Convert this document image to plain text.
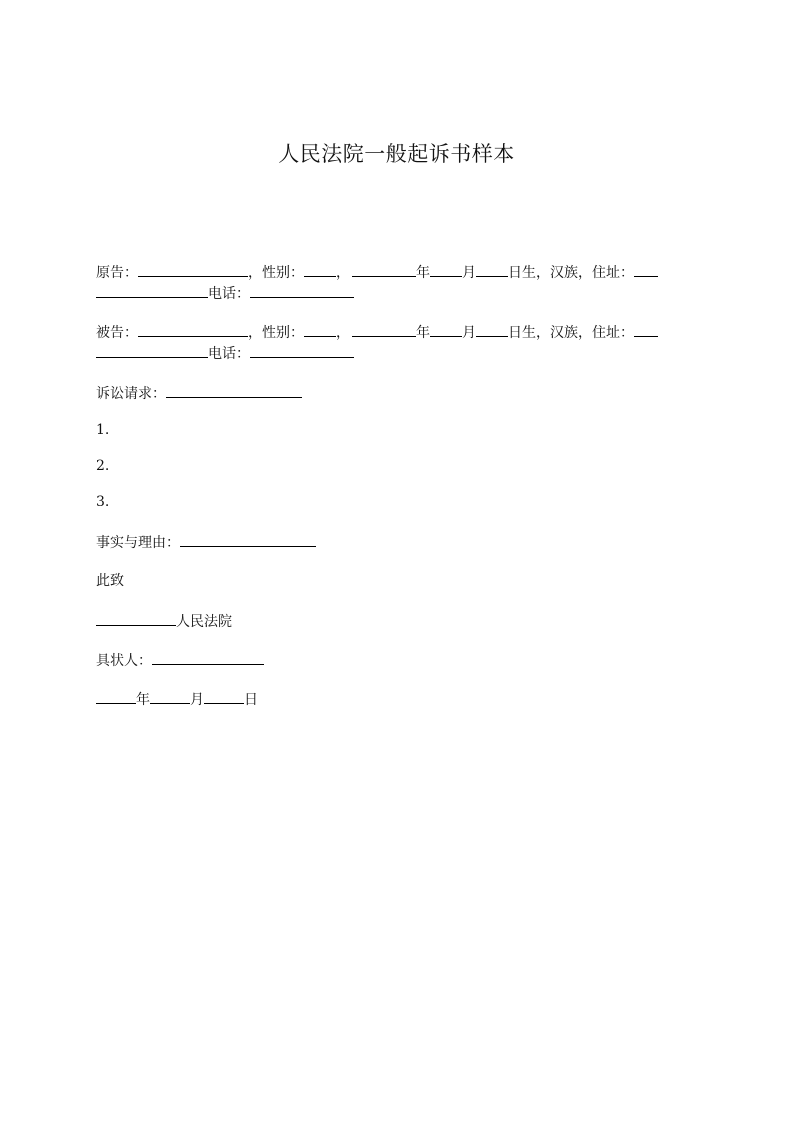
人民法院一般起诉书样本
原告：	，性别： ，	年 月 日生，汉族，住址：
电话：
被告：	，性别： ，	年 月 日生，汉族，住址：
电话：
诉讼请求：
1.
2.
3.
事实与理由：
此致
人民法院
具状人：
年	月	日
